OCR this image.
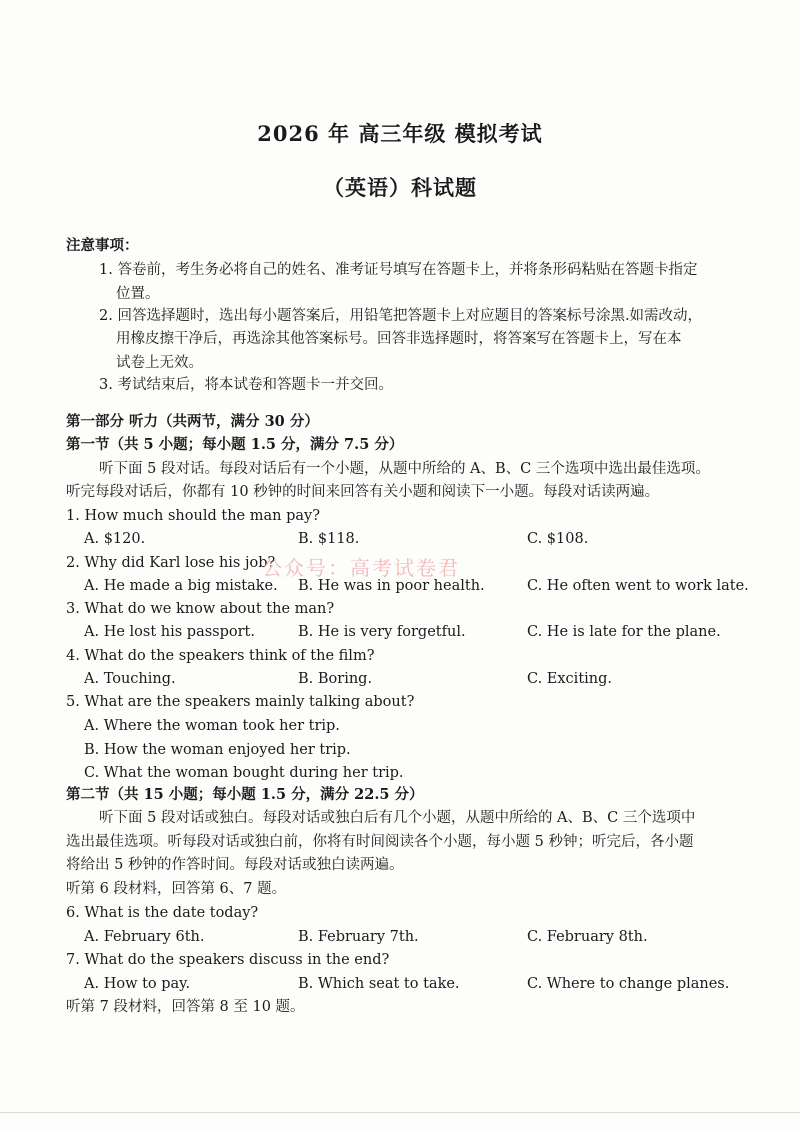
2026 年 高三年级 模拟考试
（英语）科试题
注意事项：
1. 答卷前，考生务必将自己的姓名、准考证号填写在答题卡上，并将条形码粘贴在答题卡指定
位置。
2. 回答选择题时，选出每小题答案后，用铅笔把答题卡上对应题目的答案标号涂黑.如需改动，
用橡皮擦干净后，再选涂其他答案标号。回答非选择题时，将答案写在答题卡上，写在本
试卷上无效。
3. 考试结束后，将本试卷和答题卡一并交回。
第一部分 听力（共两节，满分 30 分）
第一节（共 5 小题；每小题 1.5 分，满分 7.5 分）
听下面 5 段对话。每段对话后有一个小题，从题中所给的 A、B、C 三个选项中选出最佳选项。
听完每段对话后，你都有 10 秒钟的时间来回答有关小题和阅读下一小题。每段对话读两遍。
1. How much should the man pay?
A. $120.	B. $118.	C. $108.
2. Why did Karl lose his job?
A. He made a big mistake. B. He was in poor health.	C. He often went to work late.
3. What do we know about the man?
A. He lost his passport.	B. He is very forgetful.	C. He is late for the plane.
4. What do the speakers think of the film?
A. Touching.	B. Boring.	C. Exciting.
5. What are the speakers mainly talking about?
A. Where the woman took her trip.
B. How the woman enjoyed her trip.
C. What the woman bought during her trip.
第二节（共 15 小题；每小题 1.5 分，满分 22.5 分）
听下面 5 段对话或独白。每段对话或独白后有几个小题，从题中所给的 A、B、C 三个选项中
选出最佳选项。听每段对话或独白前，你将有时间阅读各个小题，每小题 5 秒钟；听完后，各小题
将给出 5 秒钟的作答时间。每段对话或独白读两遍。
听第 6 段材料，回答第 6、7 题。
6. What is the date today?
A. February 6th.	B. February 7th.	C. February 8th.
7. What do the speakers discuss in the end?
A. How to pay.	B. Which seat to take.	C. Where to change planes.
听第 7 段材料，回答第 8 至 10 题。
公众号：高考试卷君
